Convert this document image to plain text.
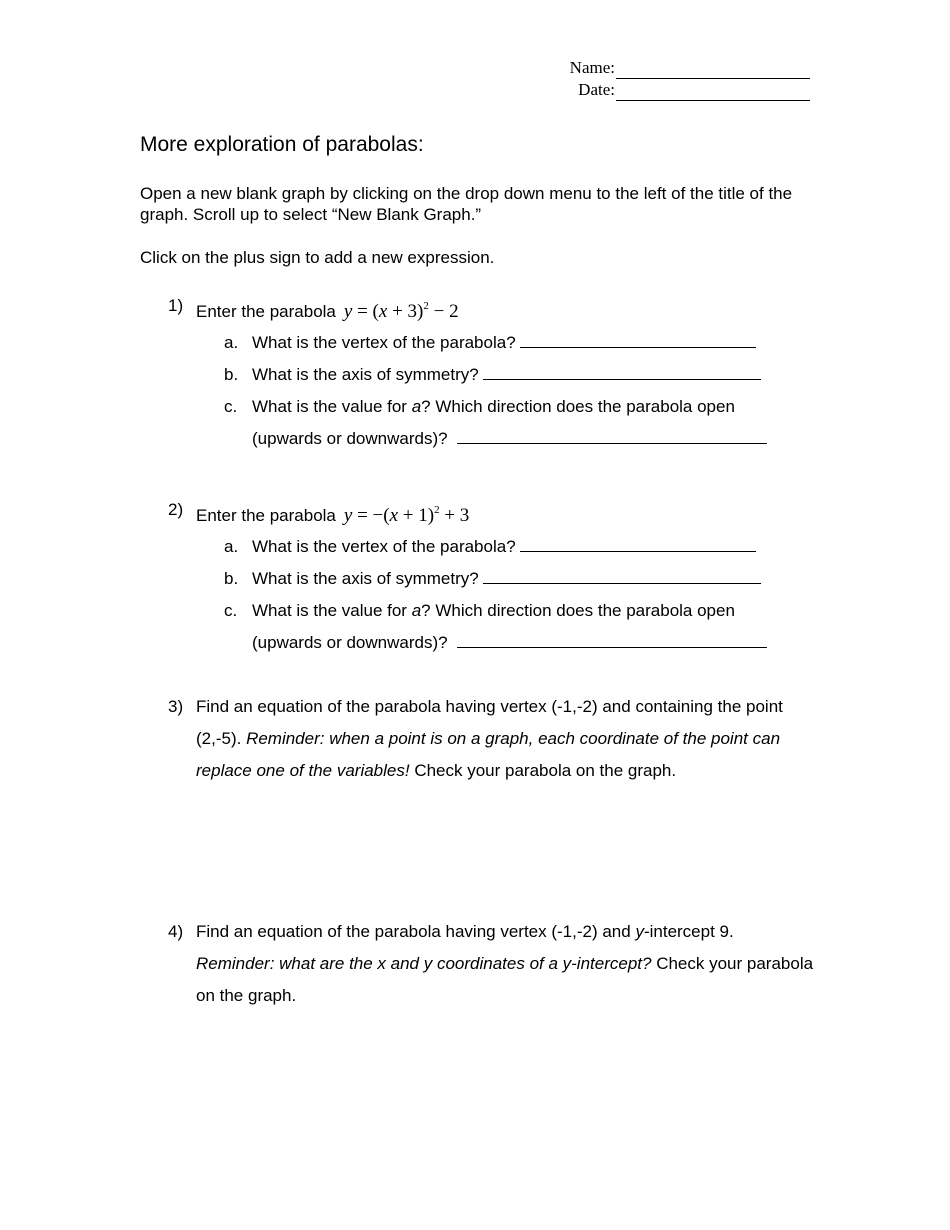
Name:
Date:
More exploration of parabolas:

Open a new blank graph by clicking on the drop down menu to the left of the title of the graph. Scroll up to select “New Blank Graph.”

Click on the plus sign to add a new expression.

1) Enter the parabola $y = (x + 3)^2 - 2$
a. What is the vertex of the parabola?
b. What is the axis of symmetry?
c. What is the value for a? Which direction does the parabola open
(upwards or downwards)?
2) Enter the parabola $y = -(x + 1)^2 + 3$
a. What is the vertex of the parabola?
b. What is the axis of symmetry?
c. What is the value for a? Which direction does the parabola open
(upwards or downwards)?
3) Find an equation of the parabola having vertex (-1,-2) and containing the point (2,-5). Reminder: when a point is on a graph, each coordinate of the point can replace one of the variables! Check your parabola on the graph.
4) Find an equation of the parabola having vertex (-1,-2) and y-intercept 9.
Reminder: what are the x and y coordinates of a y-intercept? Check your parabola on the graph.
